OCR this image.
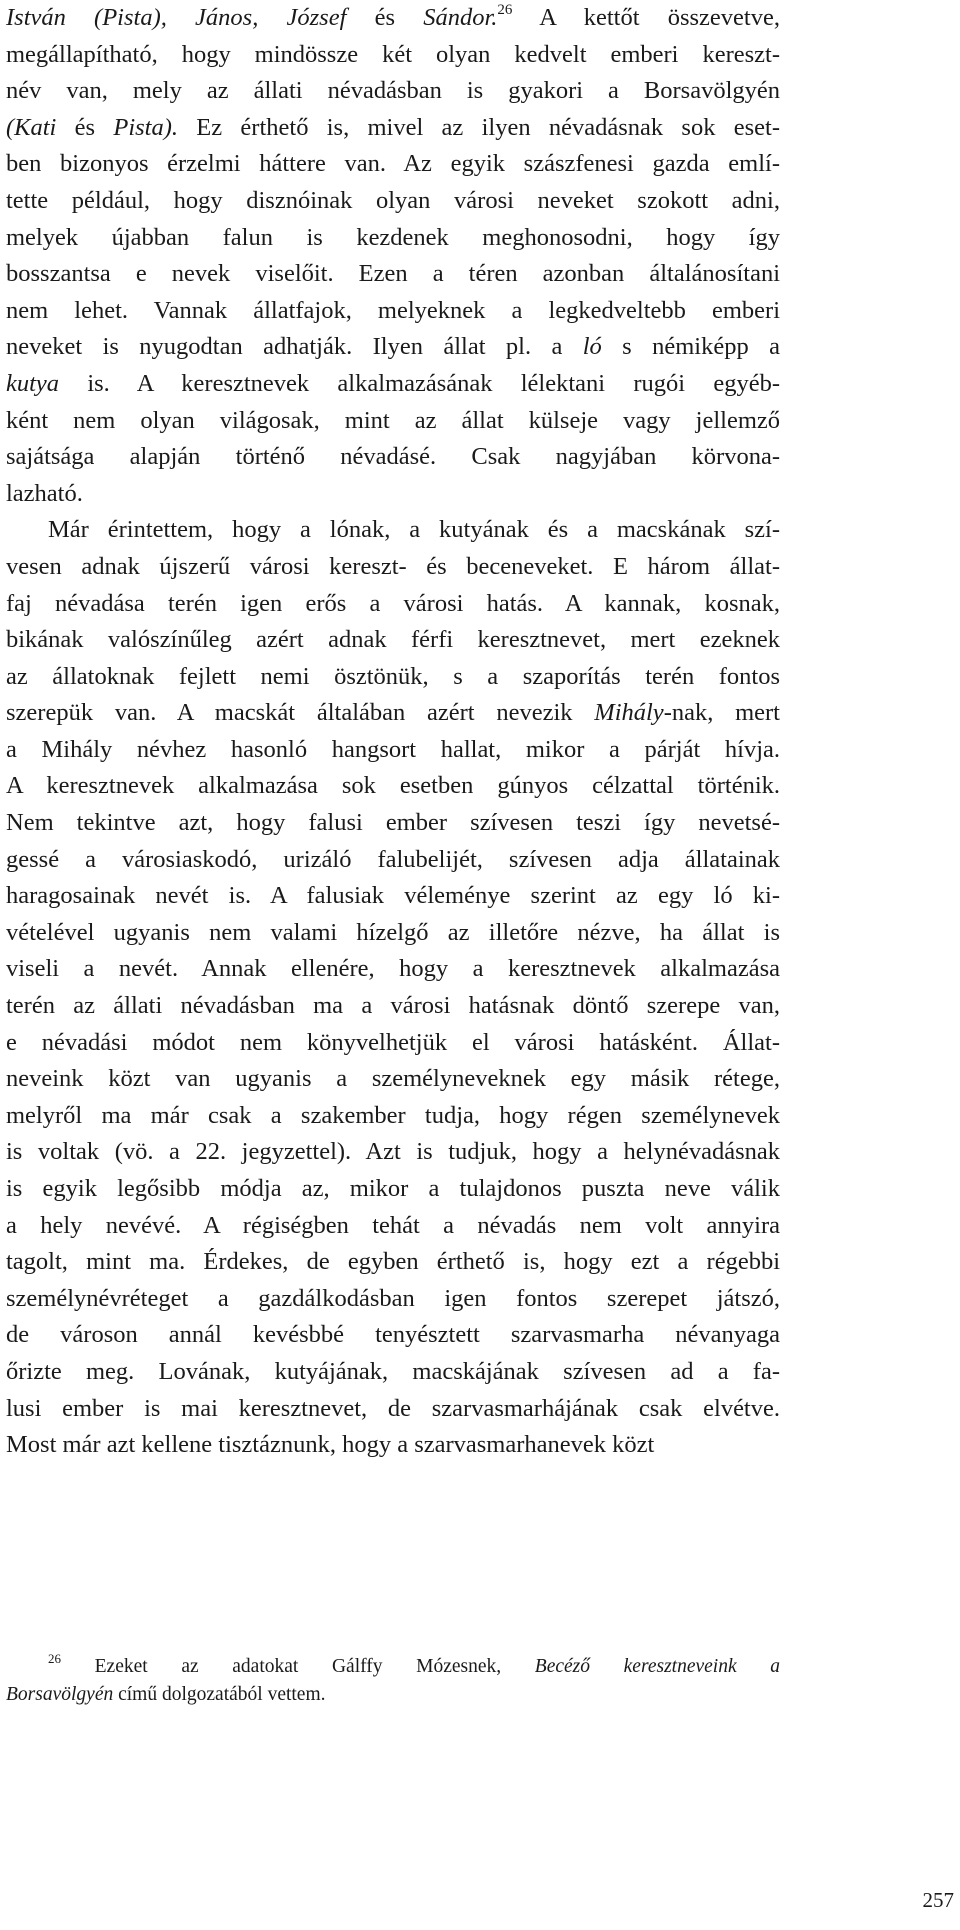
István (Pista), János, József és Sándor.$^{26}$ A kettőt összevetve,
megállapítható, hogy mindössze két olyan kedvelt emberi kereszt-
név van, mely az állati névadásban is gyakori a Borsavölgyén
(Kati és Pista). Ez érthető is, mivel az ilyen névadásnak sok eset-
ben bizonyos érzelmi háttere van. Az egyik szászfenesi gazda emlí-
tette például, hogy disznóinak olyan városi neveket szokott adni,
melyek újabban falun is kezdenek meghonosodni, hogy így
bosszantsa e nevek viselőit. Ezen a téren azonban általánosítani
nem lehet. Vannak állatfajok, melyeknek a legkedveltebb emberi
neveket is nyugodtan adhatják. Ilyen állat pl. a ló s némiképp a
kutya is. A keresztnevek alkalmazásának lélektani rugói egyéb-
ként nem olyan világosak, mint az állat külseje vagy jellemző
sajátsága alapján történő névadásé. Csak nagyjában körvona-
lazható.
Már érintettem, hogy a lónak, a kutyának és a macskának szí-
vesen adnak újszerű városi kereszt- és beceneveket. E három állat-
faj névadása terén igen erős a városi hatás. A kannak, kosnak,
bikának valószínűleg azért adnak férfi keresztnevet, mert ezeknek
az állatoknak fejlett nemi ösztönük, s a szaporítás terén fontos
szerepük van. A macskát általában azért nevezik Mihály-nak, mert
a Mihály névhez hasonló hangsort hallat, mikor a párját hívja.
A keresztnevek alkalmazása sok esetben gúnyos célzattal történik.
Nem tekintve azt, hogy falusi ember szívesen teszi így nevetsé-
gessé a városiaskodó, urizáló falubelijét, szívesen adja állatainak
haragosainak nevét is. A falusiak véleménye szerint az egy ló ki-
vételével ugyanis nem valami hízelgő az illetőre nézve, ha állat is
viseli a nevét. Annak ellenére, hogy a keresztnevek alkalmazása
terén az állati névadásban ma a városi hatásnak döntő szerepe van,
e névadási módot nem könyvelhetjük el városi hatásként. Állat-
neveink közt van ugyanis a személyneveknek egy másik rétege,
melyről ma már csak a szakember tudja, hogy régen személynevek
is voltak (vö. a 22. jegyzettel). Azt is tudjuk, hogy a helynévadásnak
is egyik legősibb módja az, mikor a tulajdonos puszta neve válik
a hely nevévé. A régiségben tehát a névadás nem volt annyira
tagolt, mint ma. Érdekes, de egyben érthető is, hogy ezt a régebbi
személynévréteget a gazdálkodásban igen fontos szerepet játszó,
de városon annál kevésbbé tenyésztett szarvasmarha névanyaga
őrizte meg. Lovának, kutyájának, macskájának szívesen ad a fa-
lusi ember is mai keresztnevet, de szarvasmarhájának csak elvétve.
Most már azt kellene tisztáznunk, hogy a szarvasmarhanevek közt
$^{26}$ Ezeket az adatokat Gálffy Mózesnek, Becéző keresztneveink a
Borsavölgyén című dolgozatából vettem.
257
